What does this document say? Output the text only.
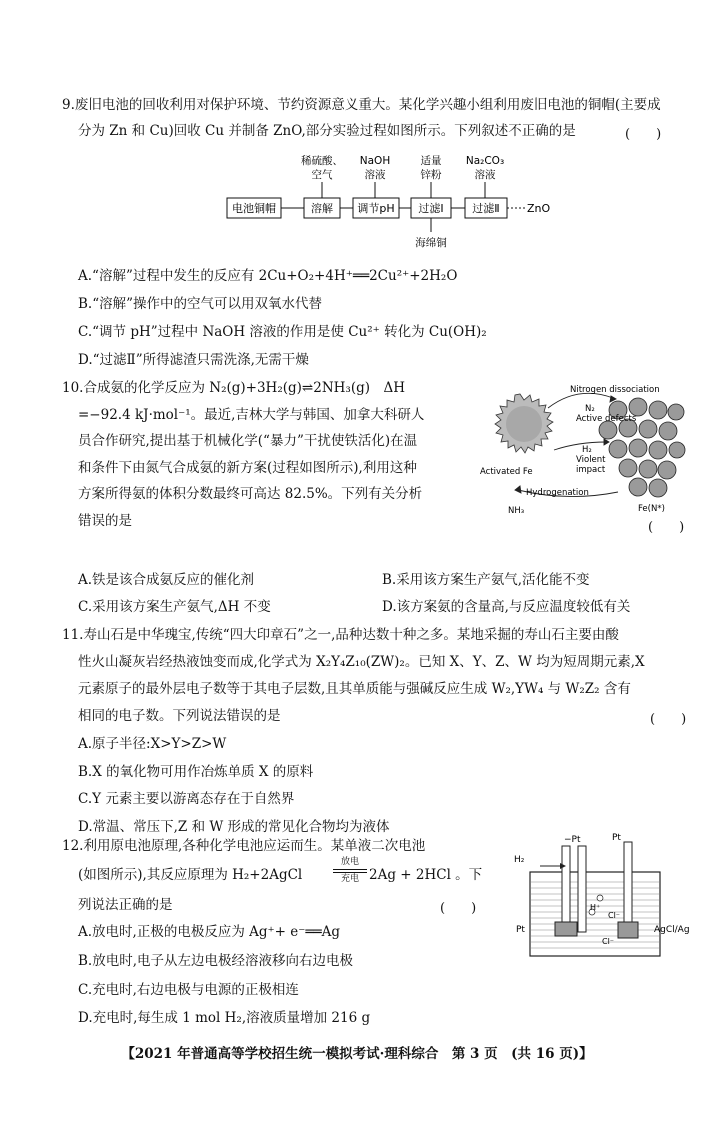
9.废旧电池的回收利用对保护环境、节约资源意义重大。某化学兴趣小组利用废旧电池的铜帽(主要成
分为 Zn 和 Cu)回收 Cu 并制备 ZnO,部分实验过程如图所示。下列叙述不正确的是	(　　)
稀硫酸、
空气
NaOH
溶液
适量
锌粉
Na₂CO₃
溶液
电池铜帽	溶解 调节pH 过滤Ⅰ	过滤Ⅱ ZnO
海绵铜
A.“溶解”过程中发生的反应有 2Cu+O₂+4H⁺══2Cu²⁺+2H₂O
B.“溶解”操作中的空气可以用双氧水代替
C.“调节 pH”过程中 NaOH 溶液的作用是使 Cu²⁺ 转化为 Cu(OH)₂
D.“过滤Ⅱ”所得滤渣只需洗涤,无需干燥
10.合成氨的化学反应为 N₂(g)+3H₂(g)⇌2NH₃(g)　ΔH
=−92.4 kJ·mol⁻¹。最近,吉林大学与韩国、加拿大科研人
员合作研究,提出基于机械化学(“暴力”干扰使铁活化)在温
和条件下由氮气合成氨的新方案(过程如图所示),利用这种
方案所得氨的体积分数最终可高达 82.5%。下列有关分析
错误的是	(　　)
Nitrogen dissociation
N₂
Active defects
H₂
Violent
impact
Activated Fe
Hydrogenation
NH₃	Fe(N*)
A.铁是该合成氨反应的催化剂	B.采用该方案生产氨气,活化能不变
C.采用该方案生产氨气,ΔH 不变	D.该方案氨的含量高,与反应温度较低有关
11.寿山石是中华瑰宝,传统“四大印章石”之一,品种达数十种之多。某地采掘的寿山石主要由酸
性火山凝灰岩经热液蚀变而成,化学式为 X₂Y₄Z₁₀(ZW)₂。已知 X、Y、Z、W 均为短周期元素,X
元素原子的最外层电子数等于其电子层数,且其单质能与强碱反应生成 W₂,YW₄ 与 W₂Z₂ 含有
相同的电子数。下列说法错误的是	(　　)
A.原子半径:X>Y>Z>W
B.X 的氧化物可用作冶炼单质 X 的原料
C.Y 元素主要以游离态存在于自然界
D.常温、常压下,Z 和 W 形成的常见化合物均为液体
12.利用原电池原理,各种化学电池应运而生。某单液二次电池
(如图所示),其反应原理为 H₂+2AgCl
放电
充电 2Ag + 2HCl 。下
列说法正确的是	(　　)
H₂
−Pt	Pt
Pt	AgCl/Ag
H⁺
Cl⁻
Cl⁻
A.放电时,正极的电极反应为 Ag⁺+ e⁻══Ag
B.放电时,电子从左边电极经溶液移向右边电极
C.充电时,右边电极与电源的正极相连
【2021 年普通高等学校招生统一模拟考试·理科综合　第 3 页　(共 16 页)】
D.充电时,每生成 1 mol H₂,溶液质量增加 216 g
